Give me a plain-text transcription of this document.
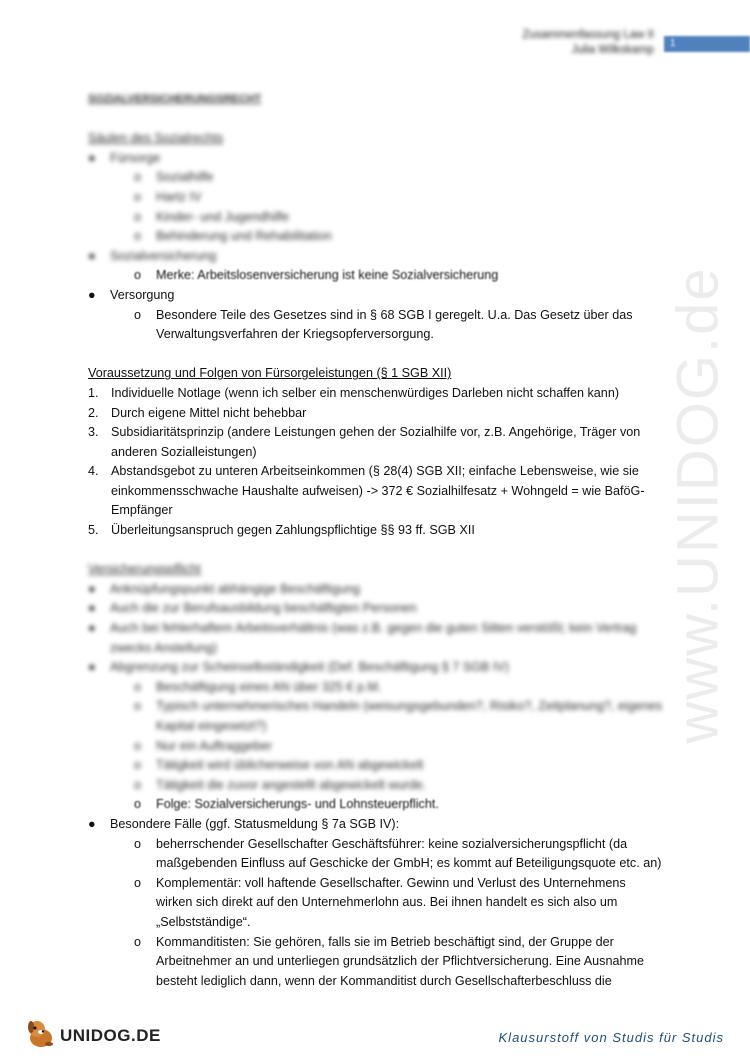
Zusammenfassung Law II
Julia Wilkskamp
1
www.UNIDOG.de
SOZIALVERSICHERUNGSRECHT
Säulen des Sozialrechts
● Fürsorge
o Sozialhilfe
o Hartz IV
o Kinder- und Jugendhilfe
o Behinderung und Rehabilitation
● Sozialversicherung
o Merke: Arbeitslosenversicherung ist keine Sozialversicherung
● Versorgung
o Besondere Teile des Gesetzes sind in § 68 SGB I geregelt. U.a. Das Gesetz über das
Verwaltungsverfahren der Kriegsopferversorgung.
Voraussetzung und Folgen von Fürsorgeleistungen (§ 1 SGB XII)
1. Individuelle Notlage (wenn ich selber ein menschenwürdiges Darleben nicht schaffen kann)
2. Durch eigene Mittel nicht behebbar
3. Subsidiaritätsprinzip (andere Leistungen gehen der Sozialhilfe vor, z.B. Angehörige, Träger von
anderen Sozialleistungen)
4. Abstandsgebot zu unteren Arbeitseinkommen (§ 28(4) SGB XII; einfache Lebensweise, wie sie
einkommensschwache Haushalte aufweisen) -> 372 € Sozialhilfesatz + Wohngeld = wie BaföG-
Empfänger
5. Überleitungsanspruch gegen Zahlungspflichtige §§ 93 ff. SGB XII
Versicherungspflicht
● Anknüpfungspunkt abhängige Beschäftigung
● Auch die zur Berufsausbildung beschäftigten Personen
● Auch bei fehlerhaftem Arbeitsverhältnis (was z.B. gegen die guten Sitten verstößt; kein Vertrag
zwecks Anstellung)
● Abgrenzung zur Scheinselbständigkeit (Def. Beschäftigung § 7 SGB IV)
o Beschäftigung eines AN über 325 € p.M.
o Typisch unternehmerisches Handeln (weisungsgebunden?, Risiko?, Zeitplanung?, eigenes
Kapital eingesetzt?)
o Nur ein Auftraggeber
o Tätigkeit wird üblicherweise von AN abgewickelt
o Tätigkeit die zuvor angestellt abgewickelt wurde.
o Folge: Sozialversicherungs- und Lohnsteuerpflicht.
● Besondere Fälle (ggf. Statusmeldung § 7a SGB IV):
o beherrschender Gesellschafter Geschäftsführer: keine sozialversicherungspflicht (da
maßgebenden Einfluss auf Geschicke der GmbH; es kommt auf Beteiligungsquote etc. an)
o Komplementär: voll haftende Gesellschafter. Gewinn und Verlust des Unternehmens
wirken sich direkt auf den Unternehmerlohn aus. Bei ihnen handelt es sich also um
„Selbstständige“.
o Kommanditisten: Sie gehören, falls sie im Betrieb beschäftigt sind, der Gruppe der
Arbeitnehmer an und unterliegen grundsätzlich der Pflichtversicherung. Eine Ausnahme
besteht lediglich dann, wenn der Kommanditist durch Gesellschafterbeschluss die
UNIDOG.DE	Klausurstoff von Studis für Studis
